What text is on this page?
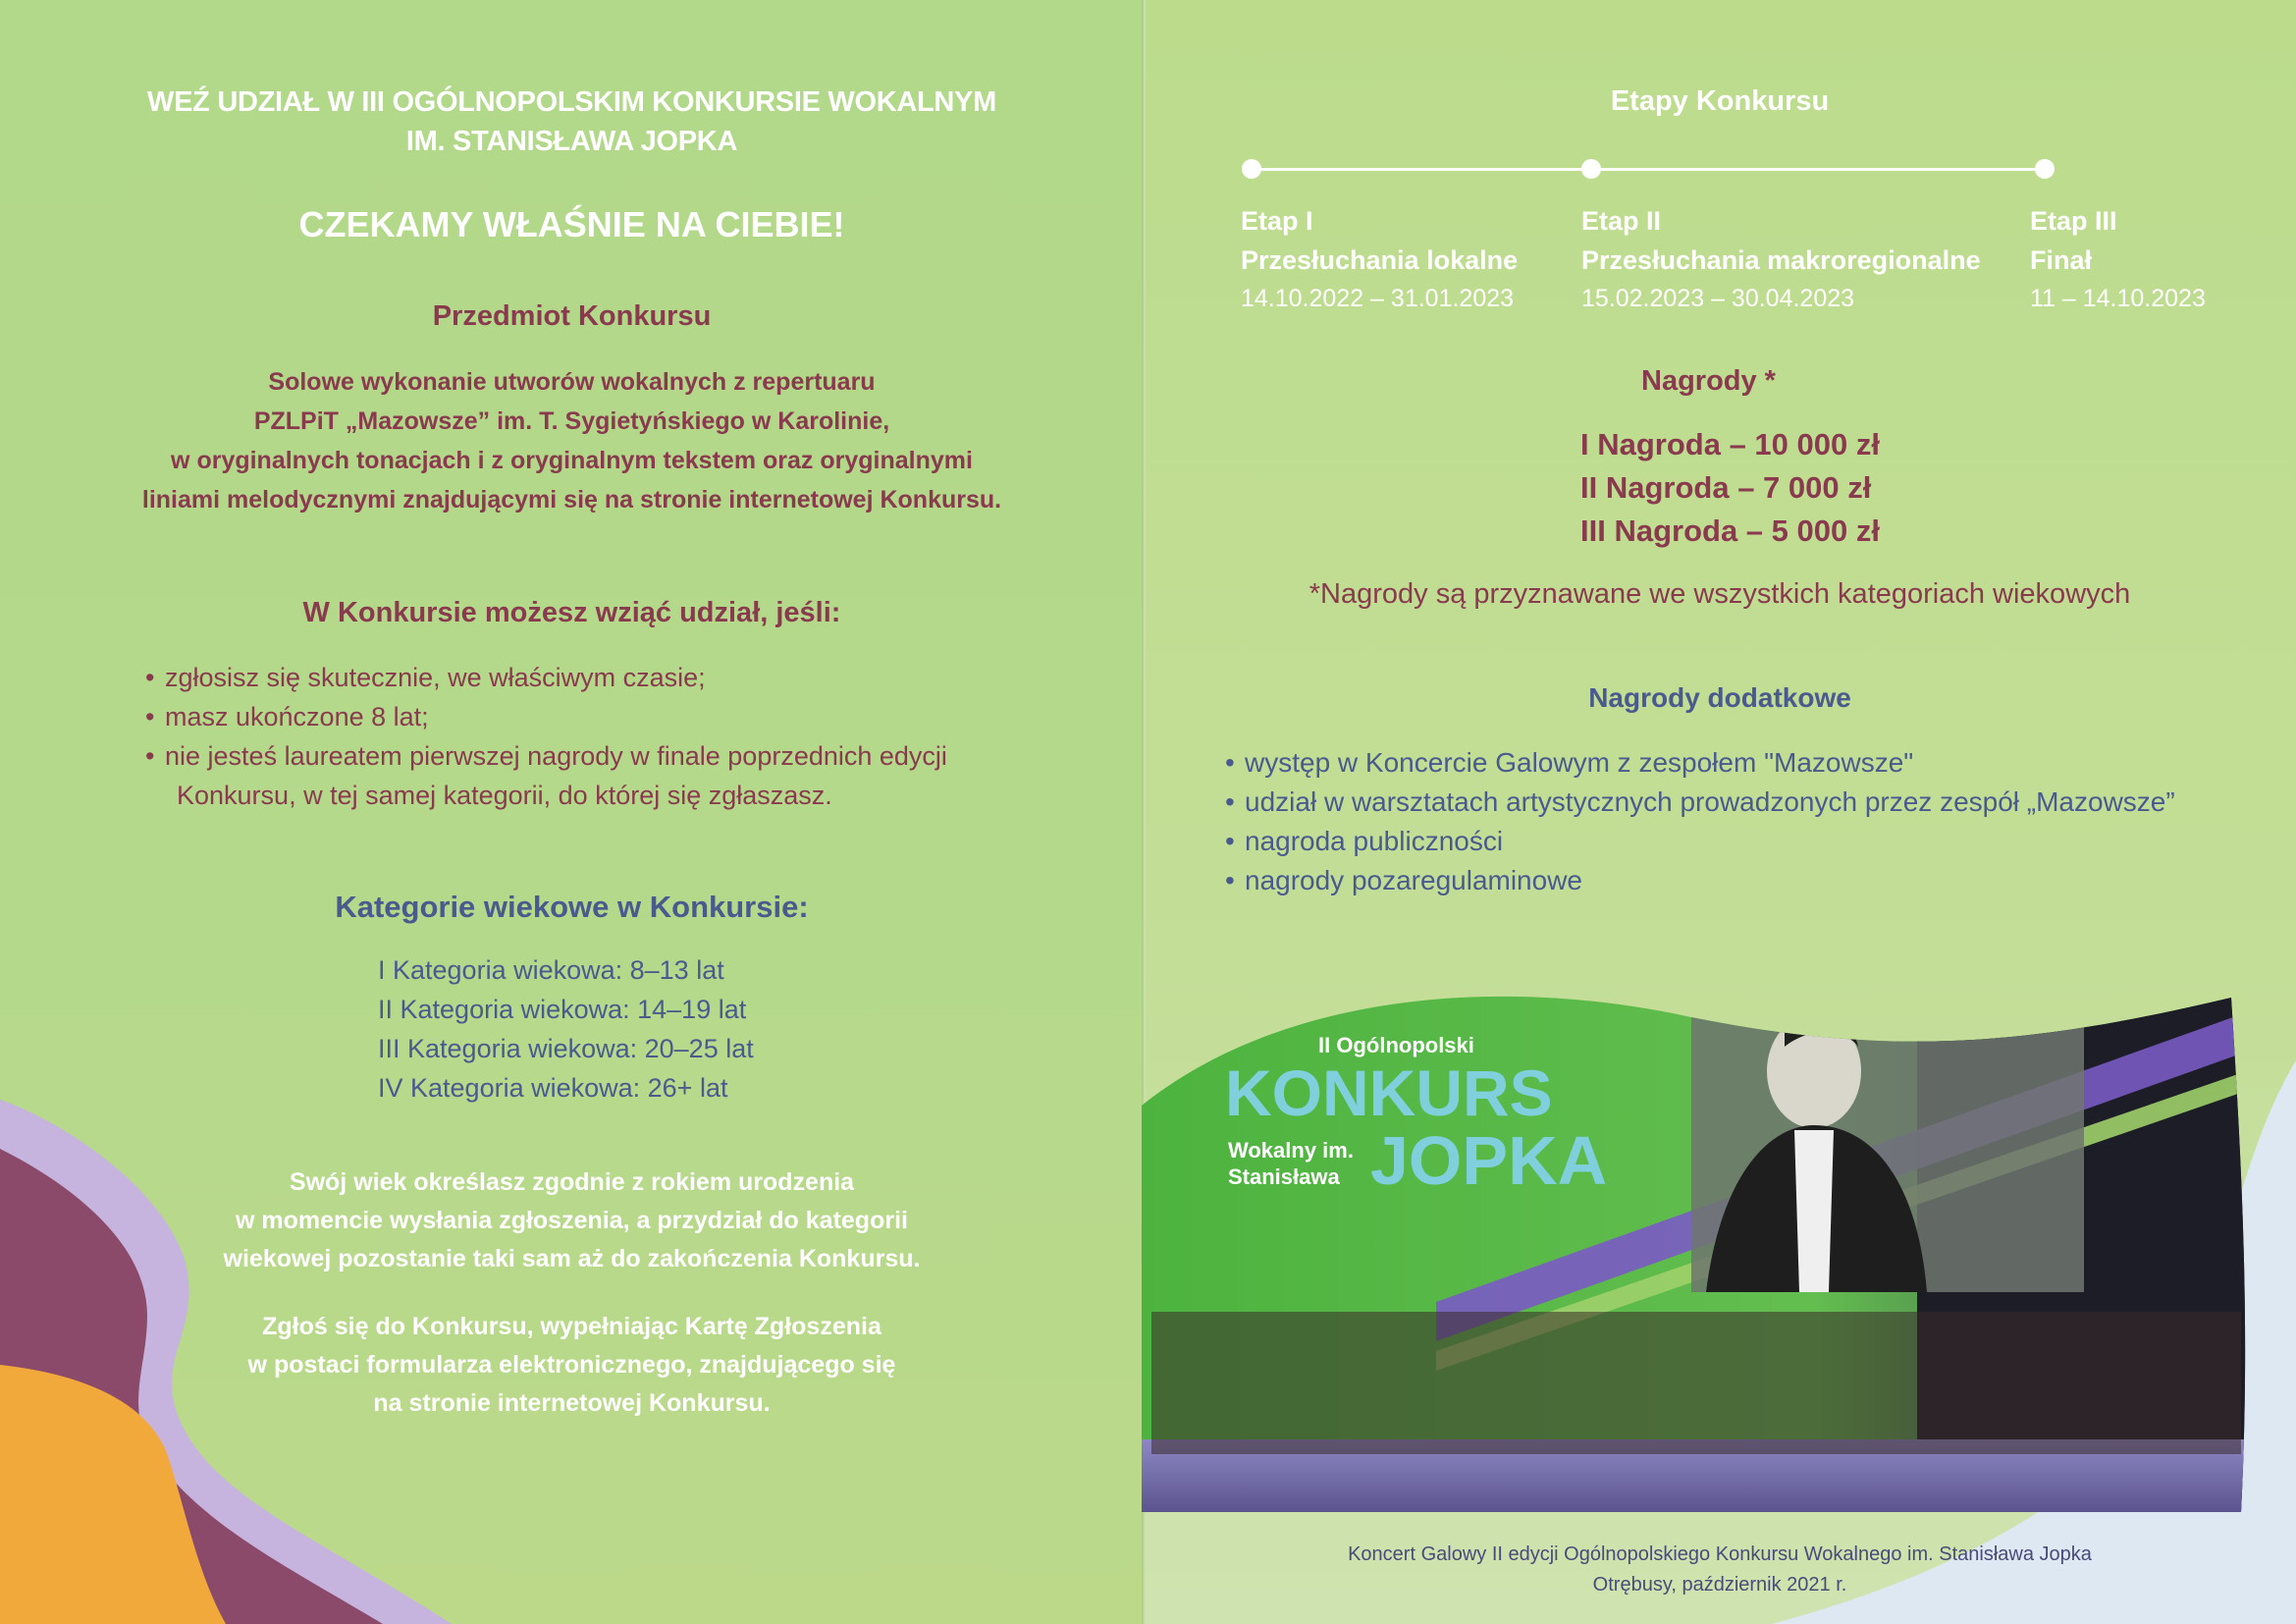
WEŹ UDZIAŁ W III OGÓLNOPOLSKIM KONKURSIE WOKALNYM
IM. STANISŁAWA JOPKA
CZEKAMY WŁAŚNIE NA CIEBIE!
Przedmiot Konkursu
Solowe wykonanie utworów wokalnych z repertuaru
PZLPiT „Mazowsze” im. T. Sygietyńskiego w Karolinie,
w oryginalnych tonacjach i z oryginalnym tekstem oraz oryginalnymi
liniami melodycznymi znajdującymi się na stronie internetowej Konkursu.
W Konkursie możesz wziąć udział, jeśli:
• zgłosisz się skutecznie, we właściwym czasie;
• masz ukończone 8 lat;
• nie jesteś laureatem pierwszej nagrody w finale poprzednich edycji
Konkursu, w tej samej kategorii, do której się zgłaszasz.
Kategorie wiekowe w Konkursie:
I Kategoria wiekowa: 8–13 lat
II Kategoria wiekowa: 14–19 lat
III Kategoria wiekowa: 20–25 lat
IV Kategoria wiekowa: 26+ lat
Swój wiek określasz zgodnie z rokiem urodzenia
w momencie wysłania zgłoszenia, a przydział do kategorii
wiekowej pozostanie taki sam aż do zakończenia Konkursu.
Zgłoś się do Konkursu, wypełniając Kartę Zgłoszenia
w postaci formularza elektronicznego, znajdującego się
na stronie internetowej Konkursu.
Etapy Konkursu
Etap I
Przesłuchania lokalne
14.10.2022 – 31.01.2023
Etap II
Przesłuchania makroregionalne
15.02.2023 – 30.04.2023
Etap III
Finał
11 – 14.10.2023
Nagrody *
I Nagroda – 10 000 zł
II Nagroda – 7 000 zł
III Nagroda – 5 000 zł
*Nagrody są przyznawane we wszystkich kategoriach wiekowych
Nagrody dodatkowe
• występ w Koncercie Galowym z zespołem "Mazowsze"
• udział w warsztatach artystycznych prowadzonych przez zespół „Mazowsze”
• nagroda publiczności
• nagrody pozaregulaminowe
II Ogólnopolski
KONKURS
Wokalny im.
Stanisława JOPKA
Koncert Galowy II edycji Ogólnopolskiego Konkursu Wokalnego im. Stanisława Jopka
Otrębusy, październik 2021 r.
